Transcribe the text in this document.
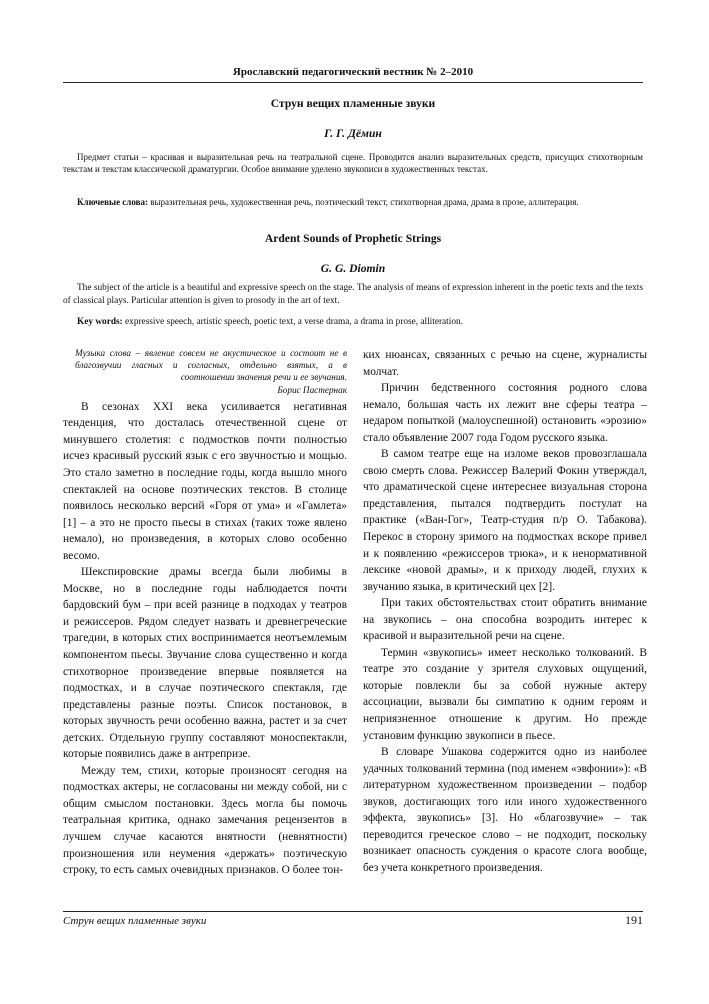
Ярославский педагогический вестник № 2–2010
Струн вещих пламенные звуки
Г. Г. Дёмин

Предмет статьи – красивая и выразительная речь на театральной сцене. Проводится анализ выразительных средств, присущих стихотворным текстам и текстам классической драматургии. Особое внимание уделено звукописи в художественных текстах.

Ключевые слова: выразительная речь, художественная речь, поэтический текст, стихотворная драма, драма в прозе, аллитерация.

Ardent Sounds of Prophetic Strings
G. G. Diomin

The subject of the article is a beautiful and expressive speech on the stage. The analysis of means of expression inherent in the poetic texts and the texts of classical plays. Particular attention is given to prosody in the art of text.

Key words: expressive speech, artistic speech, poetic text, a verse drama, a drama in prose, alliteration.

Музыка слова – явление совсем не акустическое и состоит не в благозвучии гласных и согласных, отдельно взятых, а в соотношении значения речи и ее звучания.
Борис Пастернак

В сезонах XXI века усиливается негативная тенденция, что досталась отечественной сцене от минувшего столетия: с подмостков почти полностью исчез красивый русский язык с его звучностью и мощью. Это стало заметно в последние годы, когда вышло много спектаклей на основе поэтических текстов. В столице появилось несколько версий «Горя от ума» и «Гамлета» [1] – а это не просто пьесы в стихах (таких тоже явлено немало), но произведения, в которых слово особенно весомо.

Шекспировские драмы всегда были любимы в Москве, но в последние годы наблюдается почти бардовский бум – при всей разнице в подходах у театров и режиссеров. Рядом следует назвать и древнегреческие трагедии, в которых стих воспринимается неотъемлемым компонентом пьесы. Звучание слова существенно и когда стихотворное произведение впервые появляется на подмостках, и в случае поэтического спектакля, где представлены разные поэты. Список постановок, в которых звучность речи особенно важна, растет и за счет детских. Отдельную группу составляют моноспектакли, которые появились даже в антрепризе.

Между тем, стихи, которые произносят сегодня на подмостках актеры, не согласованы ни между собой, ни с общим смыслом постановки. Здесь могла бы помочь театральная критика, однако замечания рецензентов в лучшем случае касаются внятности (невнятности) произношения или неумения «держать» поэтическую строку, то есть самых очевидных признаков. О более тон-

ких нюансах, связанных с речью на сцене, журналисты молчат.

Причин бедственного состояния родного слова немало, большая часть их лежит вне сферы театра – недаром попыткой (малоуспешной) остановить «эрозию» стало объявление 2007 года Годом русского языка.

В самом театре еще на изломе веков провозглашала свою смерть слова. Режиссер Валерий Фокин утверждал, что драматической сцене интереснее визуальная сторона представления, пытался подтвердить постулат на практике («Ван-Гог», Театр-студия п/р О. Табакова). Перекос в сторону зримого на подмостках вскоре привел и к появлению «режиссеров трюка», и к ненормативной лексике «новой драмы», и к приходу людей, глухих к звучанию языка, в критический цех [2].

При таких обстоятельствах стоит обратить внимание на звукопись – она способна возродить интерес к красивой и выразительной речи на сцене.

Термин «звукопись» имеет несколько толкований. В театре это создание у зрителя слуховых ощущений, которые повлекли бы за собой нужные актеру ассоциации, вызвали бы симпатию к одним героям и неприязненное отношение к другим. Но прежде установим функцию звукописи в пьесе.

В словаре Ушакова содержится одно из наиболее удачных толкований термина (под именем «эвфонии»): «В литературном художественном произведении – подбор звуков, достигающих того или иного художественного эффекта, звукопись» [3]. Но «благозвучие» – так переводится греческое слово – не подходит, поскольку возникает опасность суждения о красоте слога вообще, без учета конкретного произведения.

Струн вещих пламенные звуки	191
